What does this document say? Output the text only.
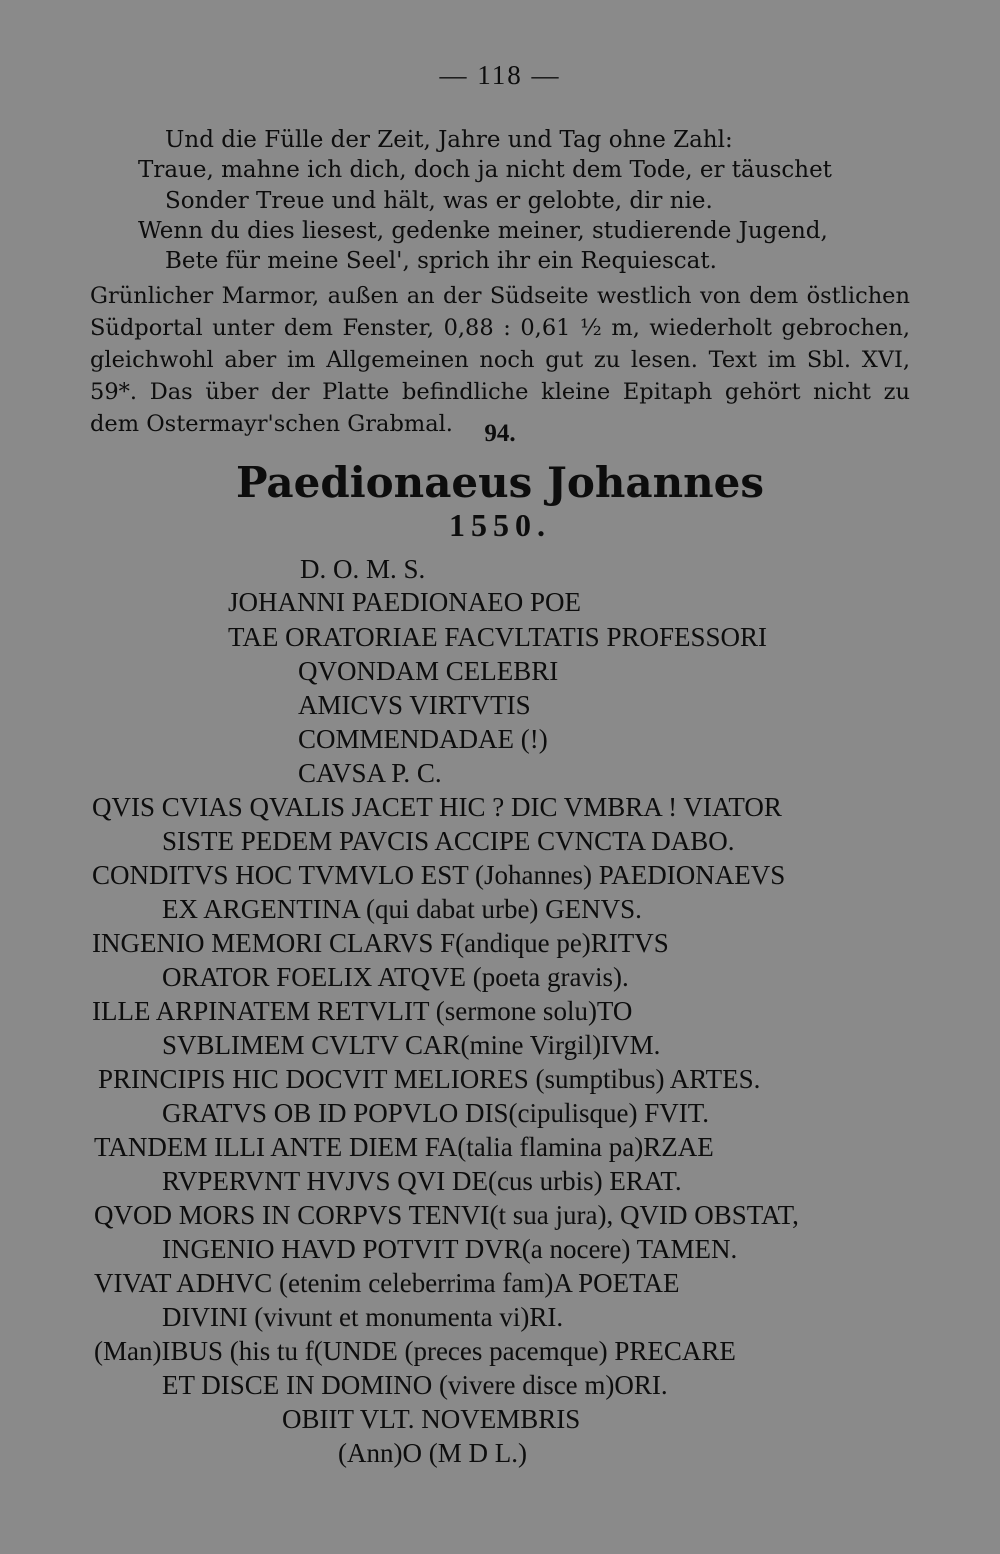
— 118 —
Und die Fülle der Zeit, Jahre und Tag ohne Zahl:
Traue, mahne ich dich, doch ja nicht dem Tode, er täuschet
Sonder Treue und hält, was er gelobte, dir nie.
Wenn du dies liesest, gedenke meiner, studierende Jugend,
Bete für meine Seel', sprich ihr ein Requiescat.
Grünlicher Marmor, außen an der Südseite westlich von dem östlichen Südportal unter dem Fenster, 0,88 : 0,61 ½ m, wiederholt gebrochen, gleichwohl aber im Allgemeinen noch gut zu lesen. Text im Sbl. XVI, 59*. Das über der Platte befindliche kleine Epitaph gehört nicht zu dem Ostermayr'schen Grabmal.	94.
Paedionaeus Johannes
1550.
D. O. M. S.
JOHANNI PAEDIONAEO POE
TAE ORATORIAE FACVLTATIS PROFESSORI
QVONDAM CELEBRI
AMICVS VIRTVTIS
COMMENDADAE (!)
CAVSA P. C.
QVIS CVIAS QVALIS JACET HIC ? DIC VMBRA ! VIATOR
SISTE PEDEM PAVCIS ACCIPE CVNCTA DABO.
CONDITVS HOC TVMVLO EST (Johannes) PAEDIONAEVS
EX ARGENTINA (qui dabat urbe) GENVS.
INGENIO MEMORI CLARVS F(andique pe)RITVS
ORATOR FOELIX ATQVE (poeta gravis).
ILLE ARPINATEM RETVLIT (sermone solu)TO
SVBLIMEM CVLTV CAR(mine Virgil)IVM.
PRINCIPIS HIC DOCVIT MELIORES (sumptibus) ARTES.
GRATVS OB ID POPVLO DIS(cipulisque) FVIT.
TANDEM ILLI ANTE DIEM FA(talia flamina pa)RZAE
RVPERVNT HVJVS QVI DE(cus urbis) ERAT.
QVOD MORS IN CORPVS TENVI(t sua jura), QVID OBSTAT,
INGENIO HAVD POTVIT DVR(a nocere) TAMEN.
VIVAT ADHVC (etenim celeberrima fam)A POETAE
DIVINI (vivunt et monumenta vi)RI.
(Man)IBUS (his tu f(UNDE (preces pacemque) PRECARE
ET DISCE IN DOMINO (vivere disce m)ORI.
OBIIT VLT. NOVEMBRIS
(Ann)O (M D L.)
